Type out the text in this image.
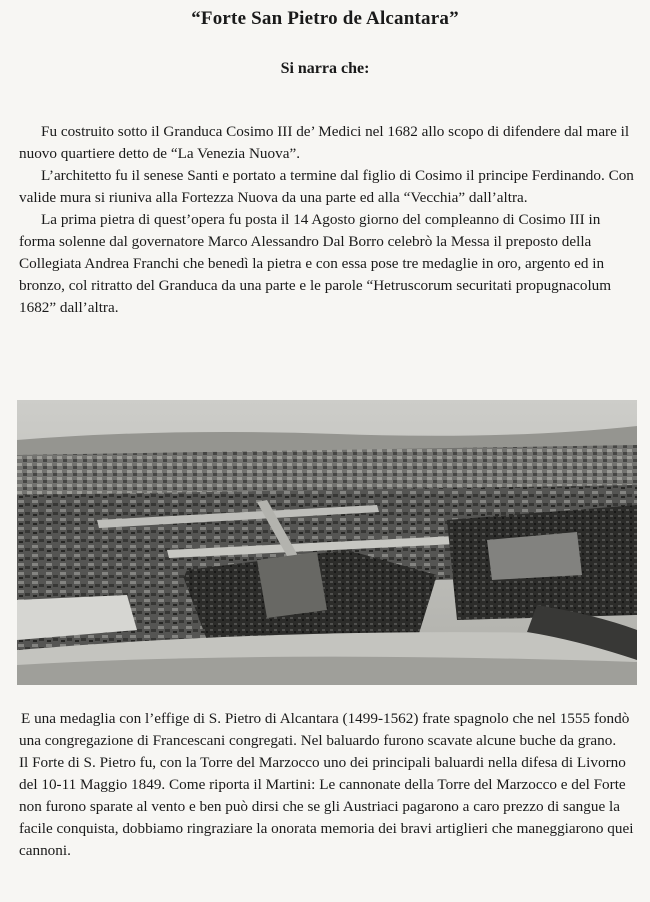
“Forte San Pietro de Alcantara”
Si narra che:

Fu costruito sotto il Granduca Cosimo III de’ Medici nel 1682 allo scopo di difendere dal mare il nuovo quartiere detto de “La Venezia Nuova”.

L’architetto fu il senese Santi e portato a termine dal figlio di Cosimo il principe Ferdinando. Con valide mura si riuniva alla Fortezza Nuova da una parte ed alla “Vecchia” dall’altra.

La prima pietra di quest’opera fu posta il 14 Agosto giorno del compleanno di Cosimo III in forma solenne dal governatore Marco Alessandro Dal Borro celebrò la Messa il preposto della Collegiata Andrea Franchi che benedì la pietra e con essa pose tre medaglie in oro, argento ed in bronzo, col ritratto del Granduca da una parte e le parole “Hetruscorum securitati propugnacolum 1682” dall’altra.

E una medaglia con l’effige di S. Pietro di Alcantara (1499-1562) frate spagnolo che nel 1555 fondò una congregazione di Francescani congregati. Nel baluardo furono scavate alcune buche da grano.

Il Forte di S. Pietro fu, con la Torre del Marzocco uno dei principali baluardi nella difesa di Livorno del 10-11 Maggio 1849. Come riporta il Martini: Le cannonate della Torre del Marzocco e del Forte non furono sparate al vento e ben può dirsi che se gli Austriaci pagarono a caro prezzo di sangue la facile conquista, dobbiamo ringraziare la onorata memoria dei bravi artiglieri che maneggiarono quei cannoni.
